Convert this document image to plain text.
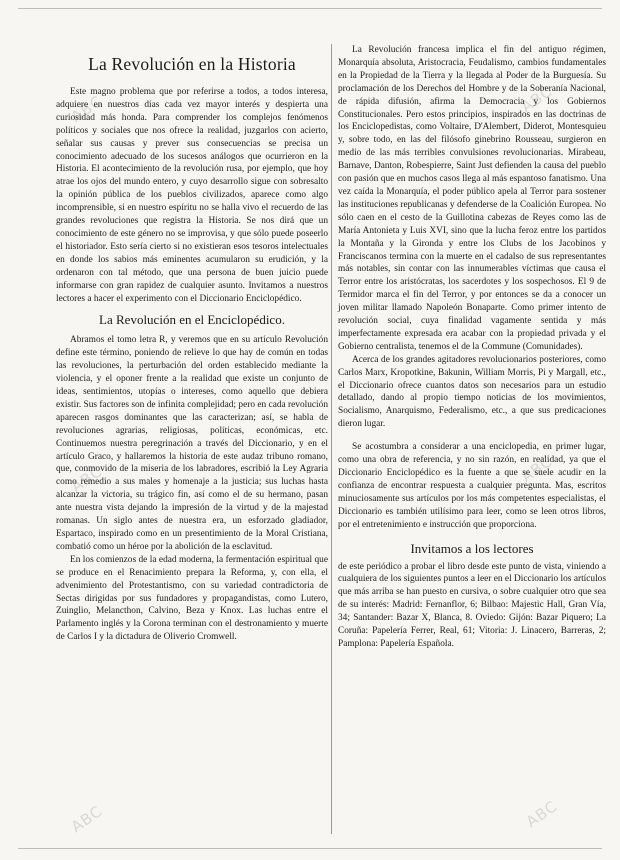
ABC	ABC
ABC	ABC
ABC	ABC
La Revolución en la Historia

Este magno problema que por referirse a todos, a todos interesa, adquiere en nuestros días cada vez mayor interés y despierta una curiosidad más honda. Para comprender los complejos fenómenos políticos y sociales que nos ofrece la realidad, juzgarlos con acierto, señalar sus causas y prever sus consecuencias se precisa un conocimiento adecuado de los sucesos análogos que ocurrieron en la Historia. El acontecimiento de la revolución rusa, por ejemplo, que hoy atrae los ojos del mundo entero, y cuyo desarrollo sigue con sobresalto la opinión pública de los pueblos civilizados, aparece como algo incomprensible, si en nuestro espíritu no se halla vivo el recuerdo de las grandes revoluciones que registra la Historia. Se nos dirá que un conocimiento de este género no se improvisa, y que sólo puede poseerlo el historiador. Esto sería cierto si no existieran esos tesoros intelectuales en donde los sabios más eminentes acumularon su erudición, y la ordenaron con tal método, que una persona de buen juicio puede informarse con gran rapidez de cualquier asunto. Invitamos a nuestros lectores a hacer el experimento con el Diccionario Enciclopédico.

La Revolución en el Enciclopédico.

Abramos el tomo letra R, y veremos que en su artículo Revolución define este término, poniendo de relieve lo que hay de común en todas las revoluciones, la perturbación del orden establecido mediante la violencia, y el oponer frente a la realidad que existe un conjunto de ideas, sentimientos, utopías o intereses, como aquello que debiera existir. Sus factores son de infinita complejidad; pero en cada revolución aparecen rasgos dominantes que las caracterizan; así, se habla de revoluciones agrarias, religiosas, políticas, económicas, etc. Continuemos nuestra peregrinación a través del Diccionario, y en el artículo Graco, y hallaremos la historia de este audaz tribuno romano, que, conmovido de la miseria de los labradores, escribió la Ley Agraria como remedio a sus males y homenaje a la justicia; sus luchas hasta alcanzar la victoria, su trágico fin, así como el de su hermano, pasan ante nuestra vista dejando la impresión de la virtud y de la majestad romanas. Un siglo antes de nuestra era, un esforzado gladiador, Espartaco, inspirado como en un presentimiento de la Moral Cristiana, combatió como un héroe por la abolición de la esclavitud.

En los comienzos de la edad moderna, la fermentación espiritual que se produce en el Renacimiento prepara la Reforma, y, con ella, el advenimiento del Protestantismo, con su variedad contradictoria de Sectas dirigidas por sus fundadores y propagandistas, como Lutero, Zuinglio, Melancthon, Calvino, Beza y Knox. Las luchas entre el Parlamento inglés y la Corona terminan con el destronamiento y muerte de Carlos I y la dictadura de Oliverio Cromwell.

La Revolución francesa implica el fin del antiguo régimen, Monarquía absoluta, Aristocracia, Feudalismo, cambios fundamentales en la Propiedad de la Tierra y la llegada al Poder de la Burguesía. Su proclamación de los Derechos del Hombre y de la Soberanía Nacional, de rápida difusión, afirma la Democracia y los Gobiernos Constitucionales. Pero estos principios, inspirados en las doctrinas de los Enciclopedistas, como Voltaire, D'Alembert, Diderot, Montesquieu y, sobre todo, en las del filósofo ginebrino Rousseau, surgieron en medio de las más terribles convulsiones revolucionarias. Mirabeau, Barnave, Danton, Robespierre, Saint Just defienden la causa del pueblo con pasión que en muchos casos llega al más espantoso fanatismo. Una vez caída la Monarquía, el poder público apela al Terror para sostener las instituciones republicanas y defenderse de la Coalición Europea. No sólo caen en el cesto de la Guillotina cabezas de Reyes como las de María Antonieta y Luis XVI, sino que la lucha feroz entre los partidos la Montaña y la Gironda y entre los Clubs de los Jacobinos y Franciscanos termina con la muerte en el cadalso de sus representantes más notables, sin contar con las innumerables víctimas que causa el Terror entre los aristócratas, los sacerdotes y los sospechosos. El 9 de Termidor marca el fin del Terror, y por entonces se da a conocer un joven militar llamado Napoleón Bonaparte. Como primer intento de revolución social, cuya finalidad vagamente sentida y más imperfectamente expresada era acabar con la propiedad privada y el Gobierno centralista, tenemos el de la Commune (Comunidades).

Acerca de los grandes agitadores revolucionarios posteriores, como Carlos Marx, Kropotkine, Bakunin, William Morris, Pi y Margall, etc., el Diccionario ofrece cuantos datos son necesarios para un estudio detallado, dando al propio tiempo noticias de los movimientos, Socialismo, Anarquismo, Federalismo, etc., a que sus predicaciones dieron lugar.

Se acostumbra a considerar a una enciclopedia, en primer lugar, como una obra de referencia, y no sin razón, en realidad, ya que el Diccionario Enciclopédico es la fuente a que se suele acudir en la confianza de encontrar respuesta a cualquier pregunta. Mas, escritos minuciosamente sus artículos por los más competentes especialistas, el Diccionario es también utilísimo para leer, como se leen otros libros, por el entretenimiento e instrucción que proporciona.

Invitamos a los lectores

de este periódico a probar el libro desde este punto de vista, viniendo a cualquiera de los siguientes puntos a leer en el Diccionario los artículos que más arriba se han puesto en cursiva, o sobre cualquier otro que sea de su interés: Madrid: Fernanflor, 6; Bilbao: Majestic Hall, Gran Vía, 34; Santander: Bazar X, Blanca, 8. Oviedo: Gijón: Bazar Piquero; La Coruña: Papelería Ferrer, Real, 61; Vitoria: J. Linacero, Barreras, 2; Pamplona: Papelería Española.
